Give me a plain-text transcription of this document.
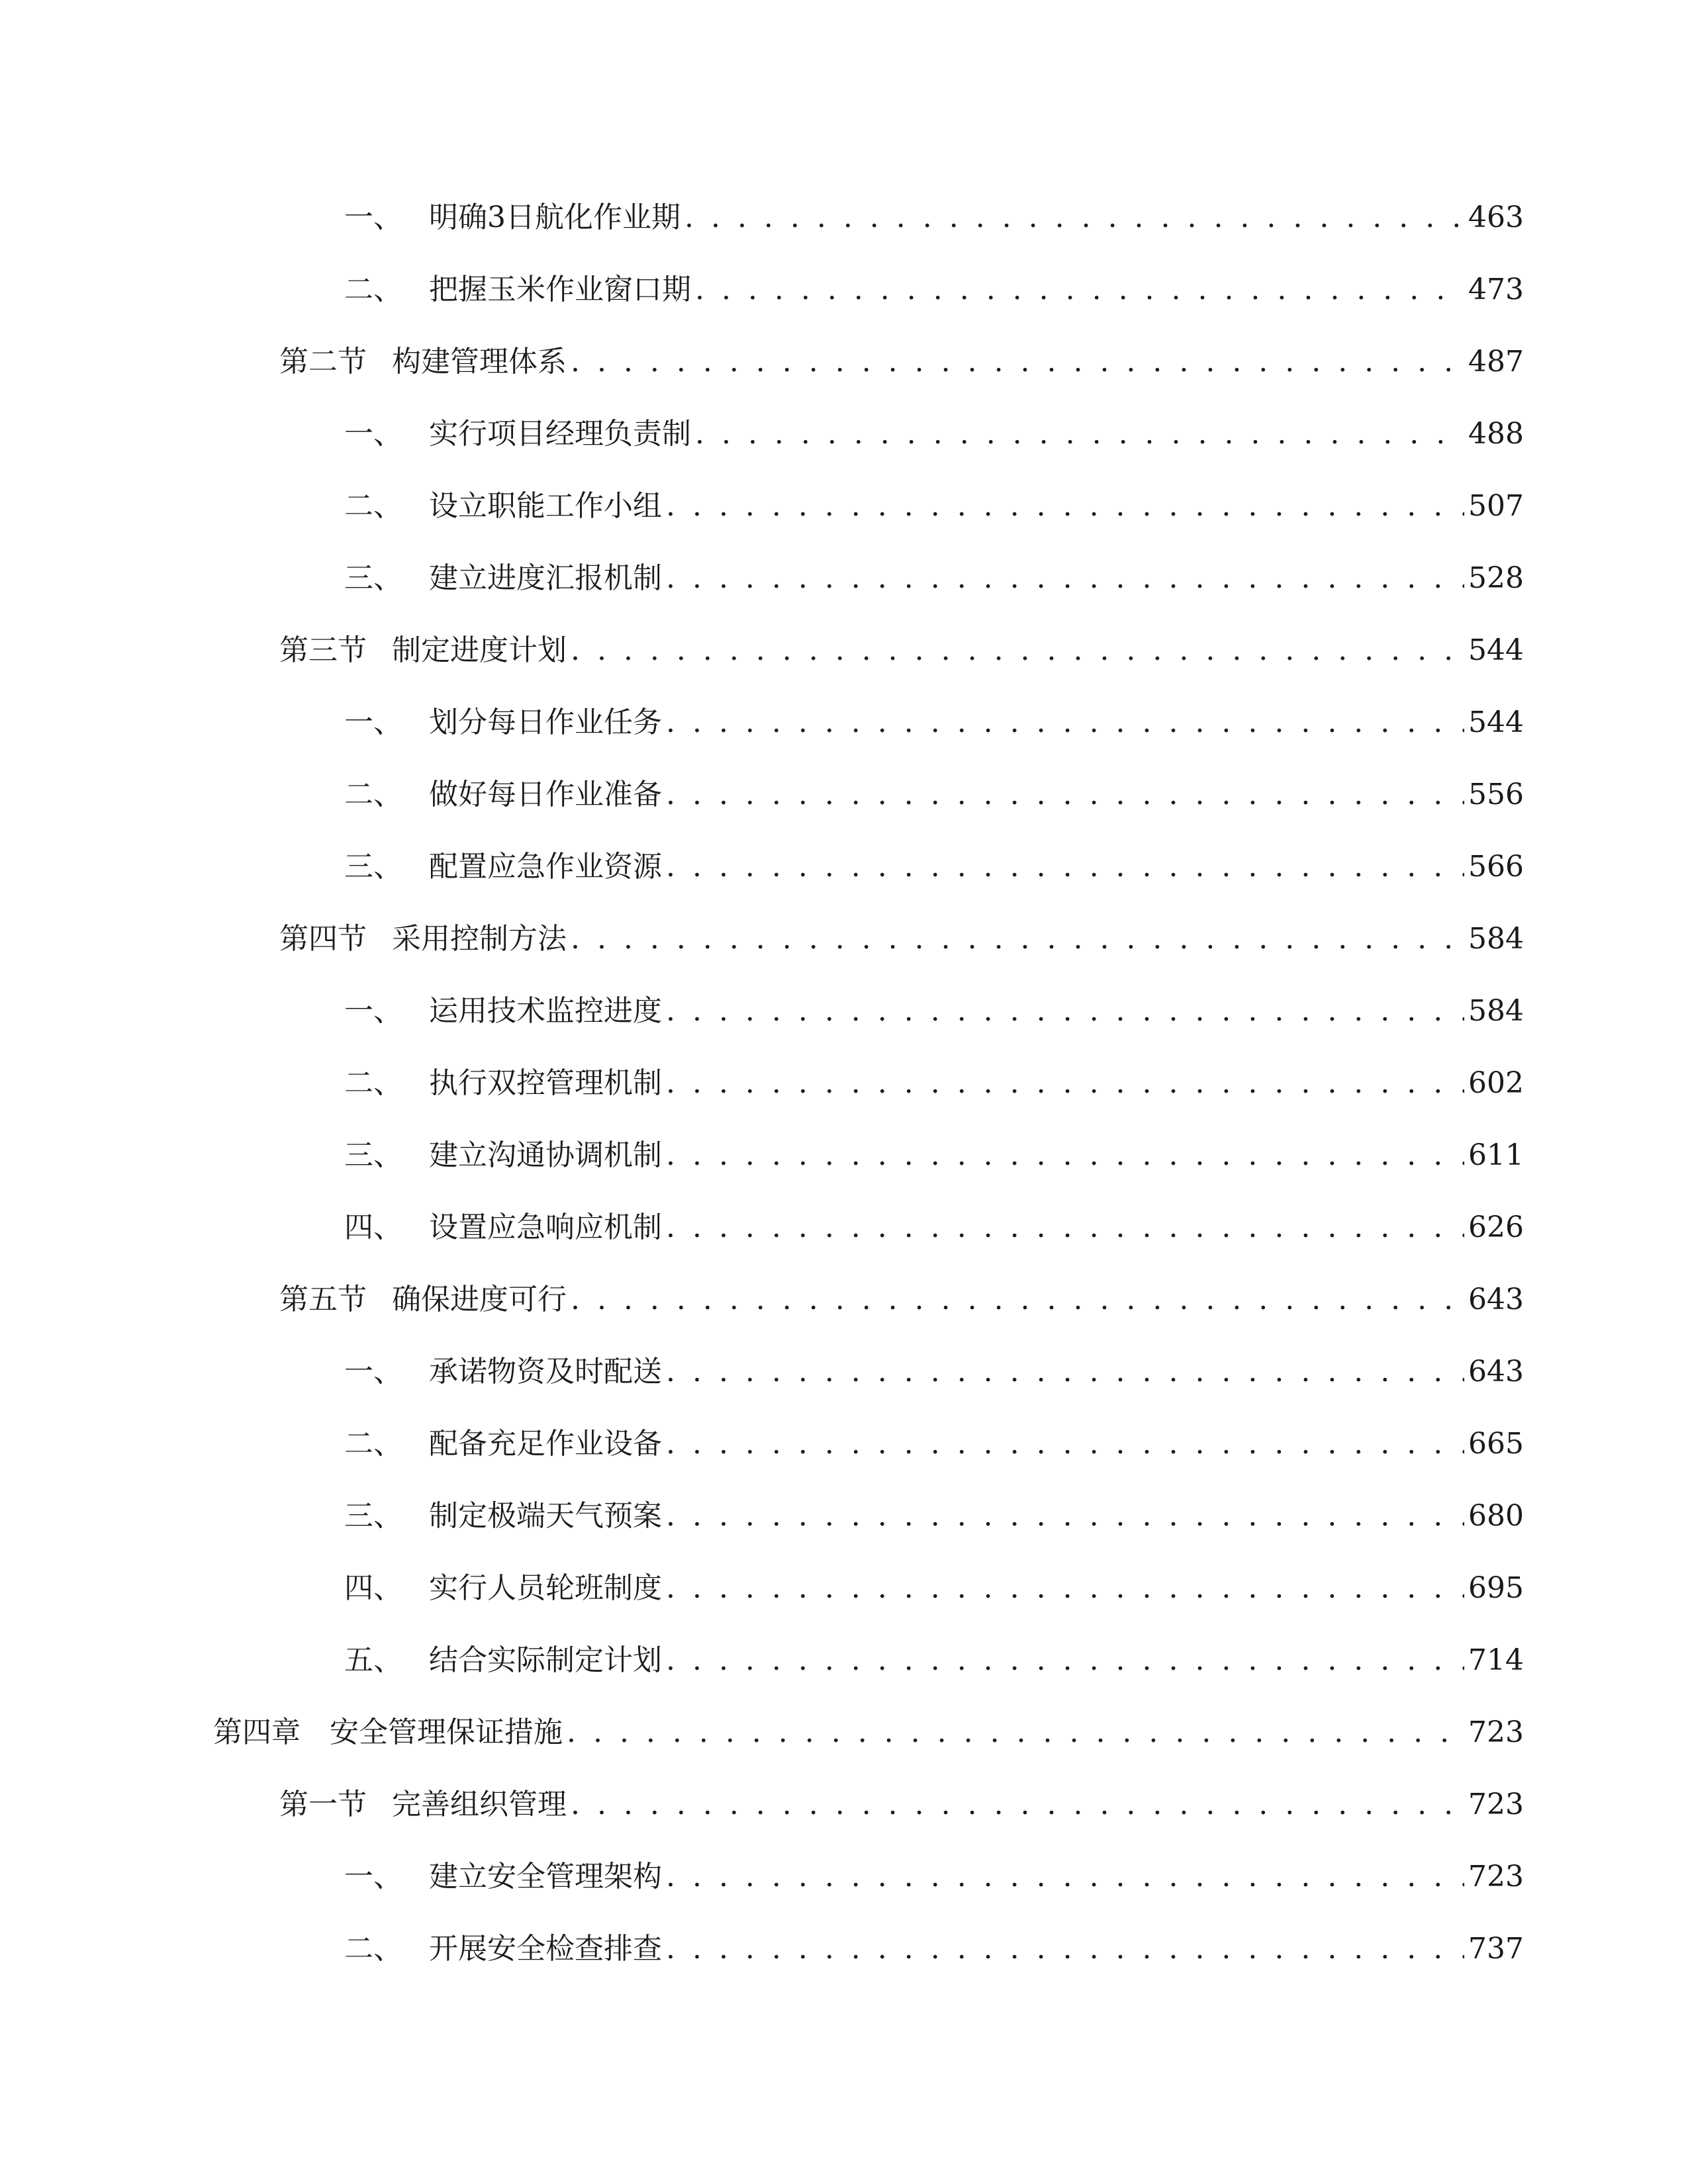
一、 明确3日航化作业期 . . .	463
二、 把握玉米作业窗口期 . . .	473
第二节 构建管理体系 . . .	487
一、 实行项目经理负责制 . . .	488
二、 设立职能工作小组 . . .	507
三、 建立进度汇报机制 . . .	528
第三节 制定进度计划 . . .	544
一、 划分每日作业任务 . . .	544
二、 做好每日作业准备 . . .	556
三、 配置应急作业资源 . . .	566
第四节 采用控制方法 . . .	584
一、 运用技术监控进度 . . .	584
二、 执行双控管理机制 . . .	602
三、 建立沟通协调机制 . . .	611
四、 设置应急响应机制 . . .	626
第五节 确保进度可行 . . .	643
一、 承诺物资及时配送 . . .	643
二、 配备充足作业设备 . . .	665
三、 制定极端天气预案 . . .	680
四、 实行人员轮班制度 . . .	695
五、 结合实际制定计划 . . .	714
第四章	安全管理保证措施 . . .	723
第一节 完善组织管理 . . .	723
一、 建立安全管理架构 . . .	723
二、 开展安全检查排查 . . .	737
